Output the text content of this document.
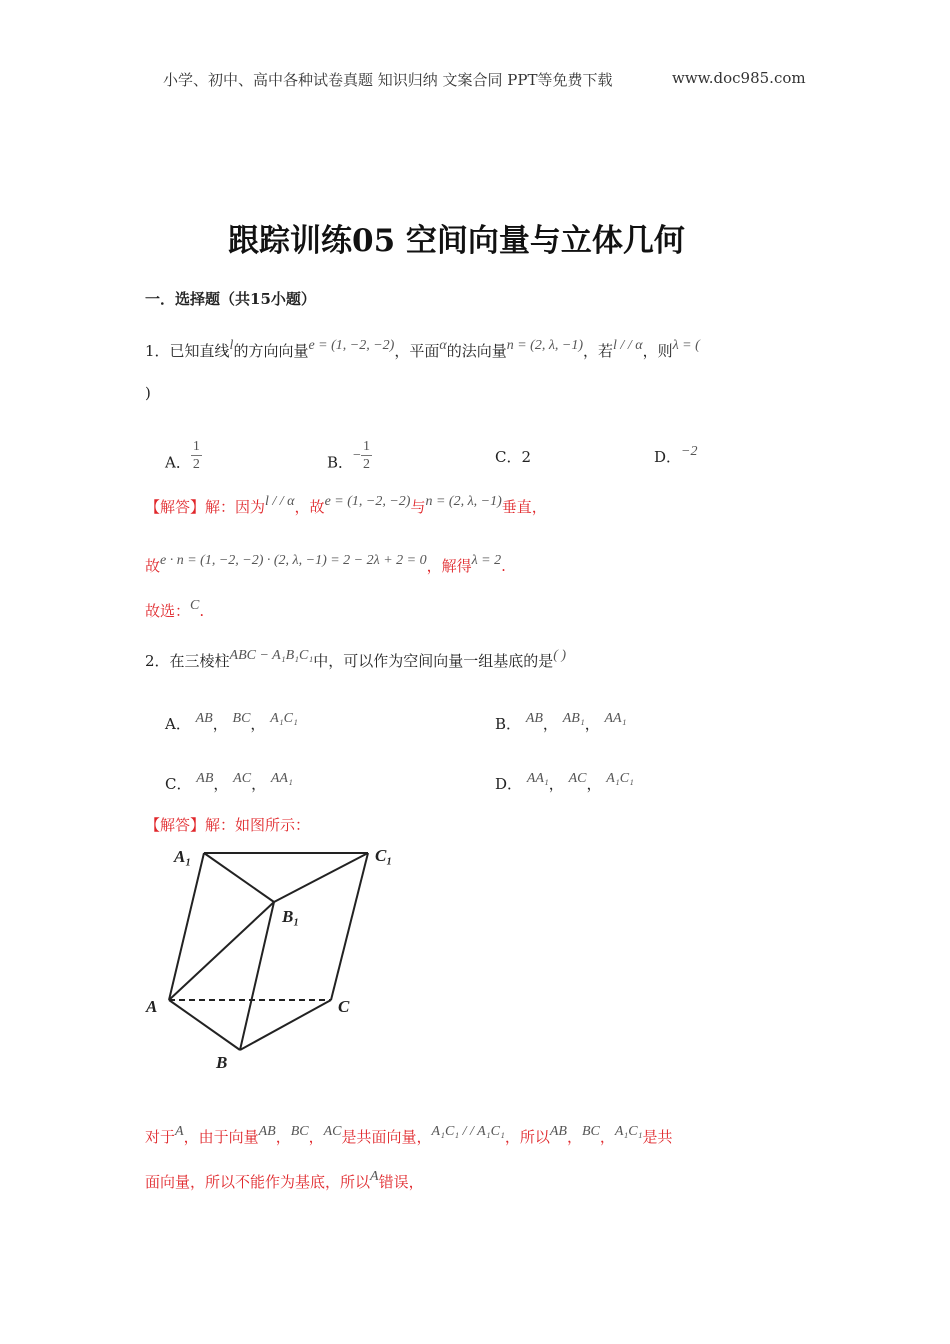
小学、初中、高中各种试卷真题 知识归纳 文案合同 PPT等免费下载	www.doc985.com
跟踪训练05 空间向量与立体几何
一．选择题（共15小题）
1．已知直线l的方向向量e = (1, −2, −2)，平面α的法向量n = (2, λ, −1)，若l / / α，则λ = (
)
A． $\frac{1}{2}$	B．− $\frac{1}{2}$	C．2	D．−2
【解答】解：因为l / / α，故e = (1, −2, −2)与n = (2, λ, −1)垂直，
故e · n = (1, −2, −2) · (2, λ, −1) = 2 − 2λ + 2 = 0，解得λ = 2.
故选：C.
2．在三棱柱ABC − A₁B₁C₁中，可以作为空间向量一组基底的是( )
A． AB， BC， A₁C₁	B． AB， AB₁， AA₁
C． AB， AC， AA₁	D． AA₁， AC， A₁C₁
【解答】解：如图所示：
A₁	C₁
B₁
A
B
C
对于A，由于向量AB，BC，AC是共面向量，A₁C₁ / / A₁C₁，所以AB，BC，A₁C₁是共
面向量，所以不能作为基底，所以A错误，
